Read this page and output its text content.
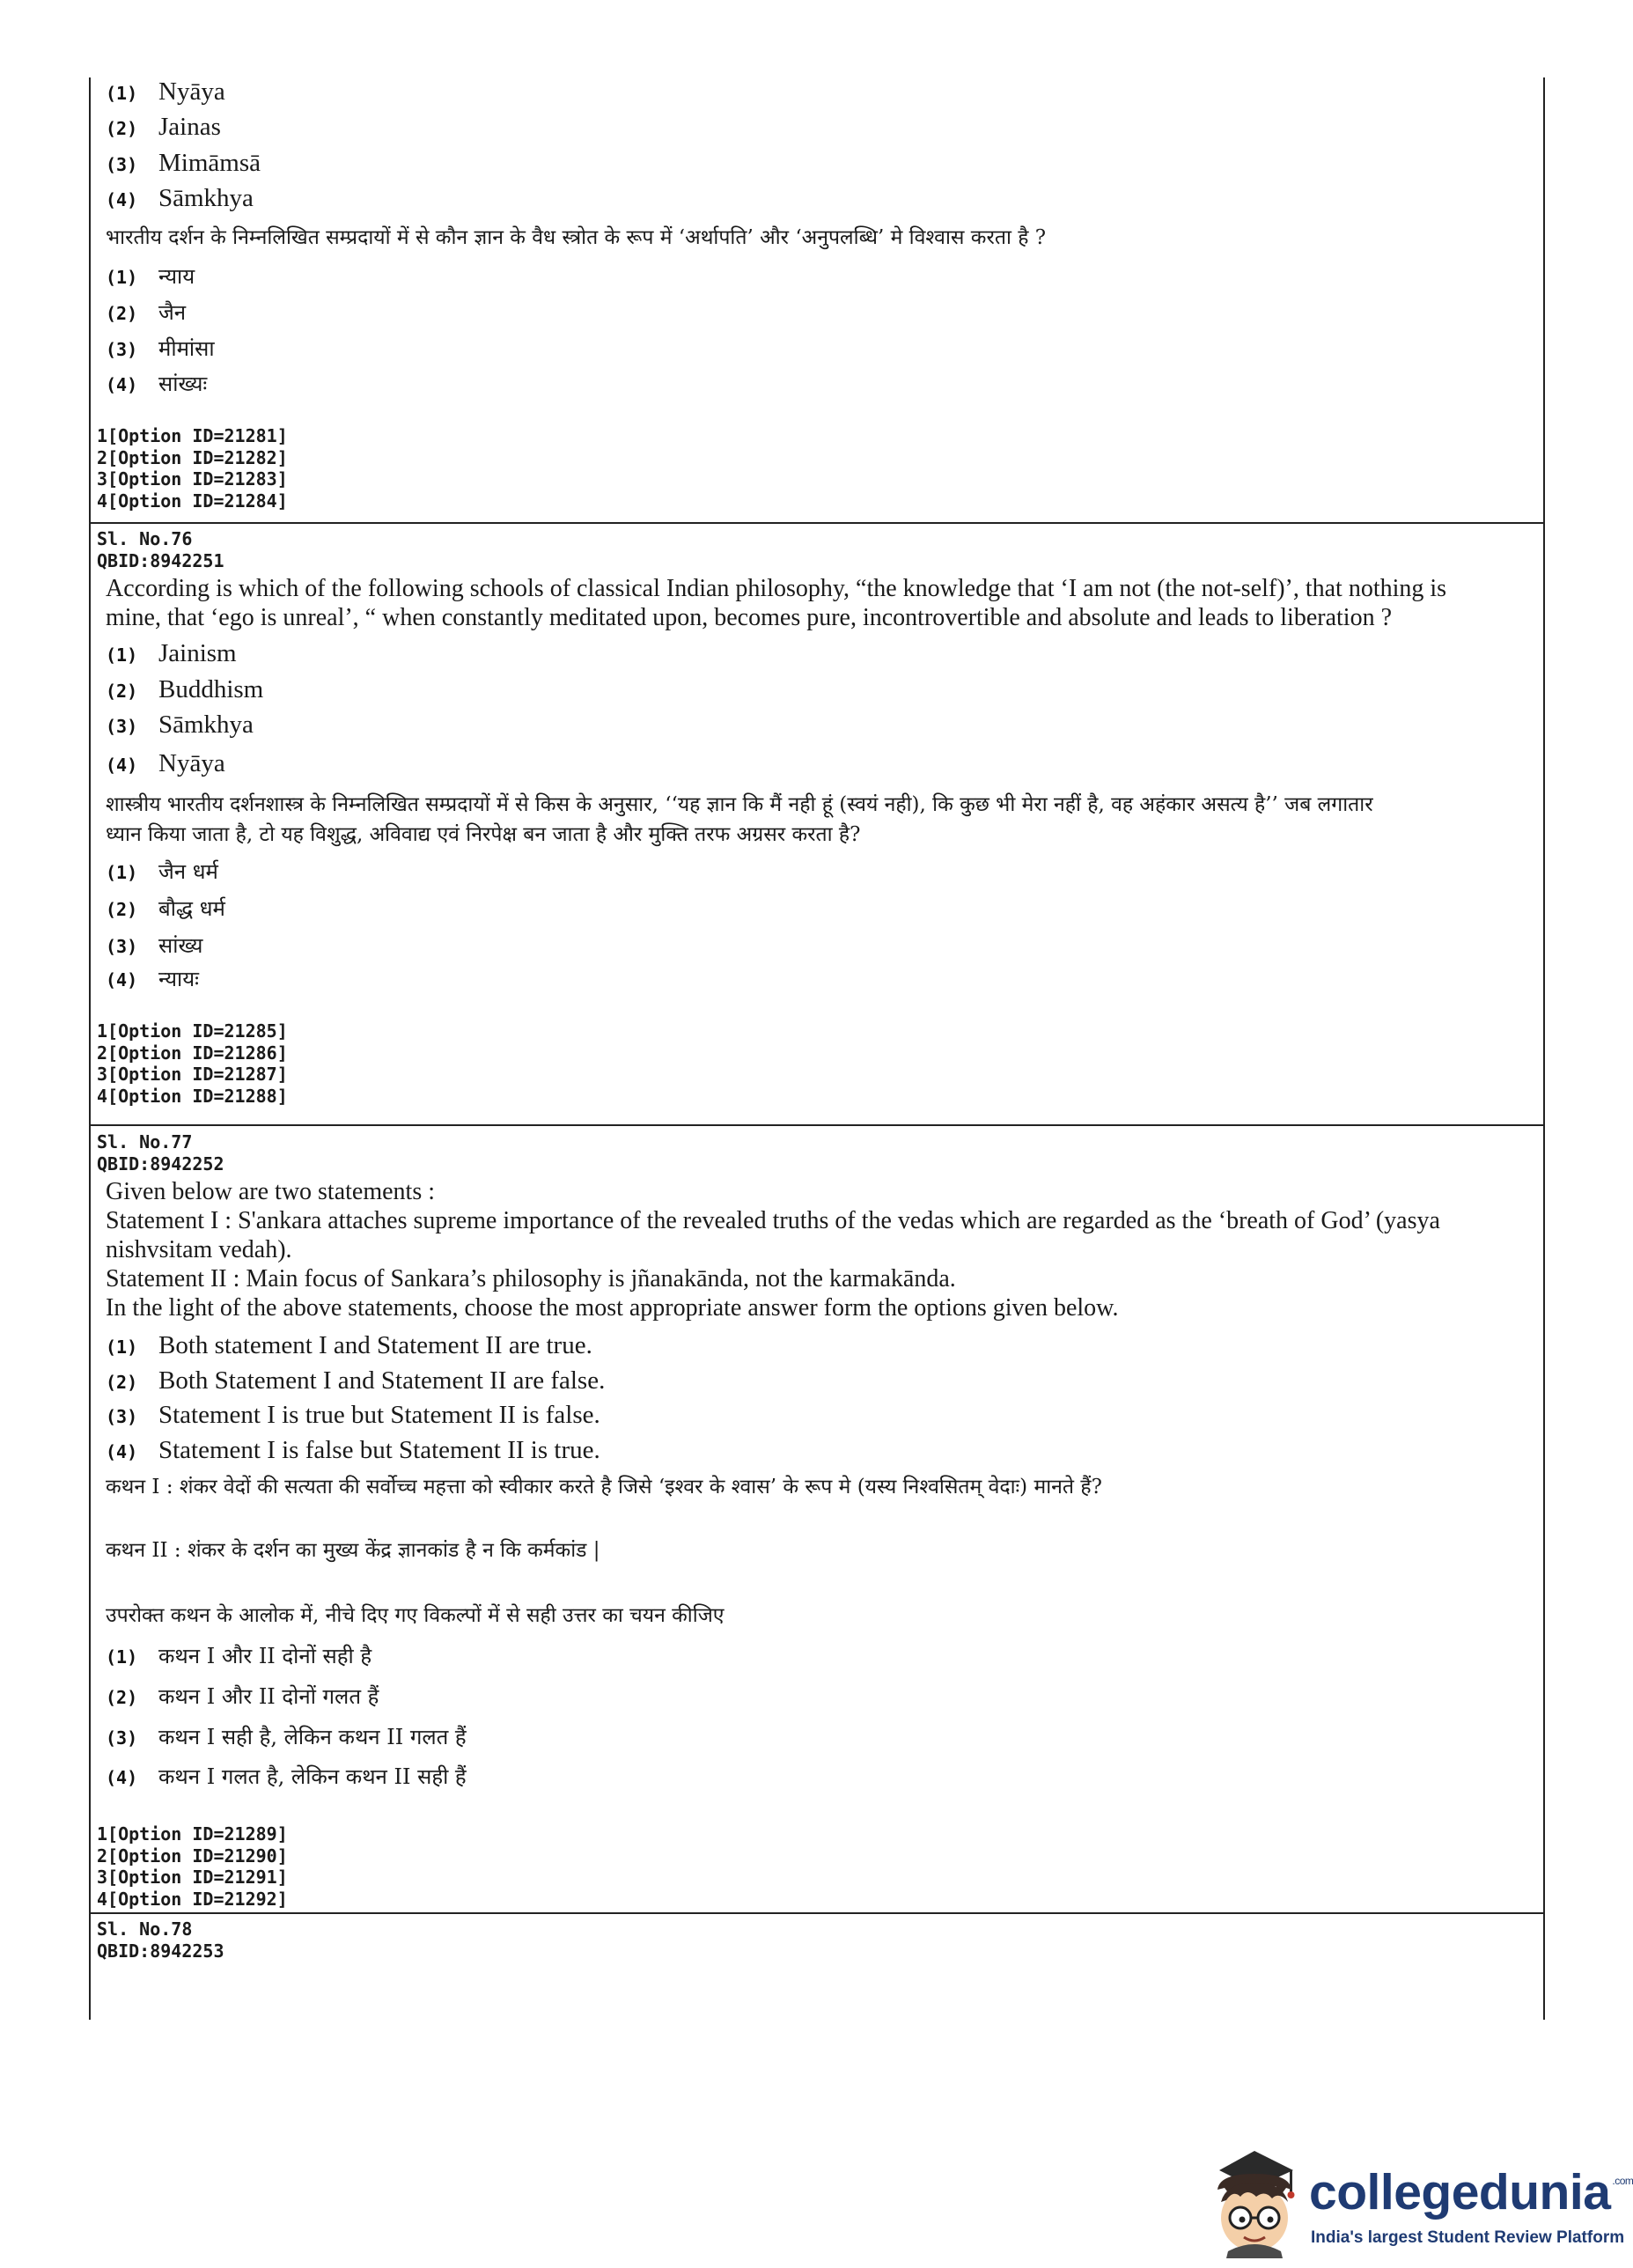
(1) Nyāya
(2) Jainas
(3) Mimāmsā
(4) Sāmkhya
भारतीय दर्शन के निम्नलिखित सम्प्रदायों में से कौन ज्ञान के वैध स्त्रोत के रूप में ‘अर्थापति’ और ‘अनुपलब्धि’ मे विश्वास करता है ?
(1) न्याय
(2) जैन
(3) मीमांसा
(4) सांख्यः
1[Option ID=21281]
2[Option ID=21282]
3[Option ID=21283]
4[Option ID=21284]
Sl. No.76
QBID:8942251
According is which of the following schools of classical Indian philosophy, “the knowledge that ‘I am not (the not-self)’, that nothing is
mine, that ‘ego is unreal’, “ when constantly meditated upon, becomes pure, incontrovertible and absolute and leads to liberation ?
(1) Jainism
(2) Buddhism
(3) Sāmkhya
(4) Nyāya
शास्त्रीय भारतीय दर्शनशास्त्र के निम्नलिखित सम्प्रदायों में से किस के अनुसार, ‘‘यह ज्ञान कि मैं नही हूं (स्वयं नही), कि कुछ भी मेरा नहीं है, वह अहंकार असत्य है’’ जब लगातार
ध्यान किया जाता है, टो यह विशुद्ध, अविवाद्य एवं निरपेक्ष बन जाता है और मुक्ति तरफ अग्रसर करता है?
(1) जैन धर्म
(2) बौद्ध धर्म
(3) सांख्य
(4) न्यायः
1[Option ID=21285]
2[Option ID=21286]
3[Option ID=21287]
4[Option ID=21288]
Sl. No.77
QBID:8942252
Given below are two statements :
Statement I : S'ankara attaches supreme importance of the revealed truths of the vedas which are regarded as the ‘breath of God’ (yasya
nishvsitam vedah).
Statement II : Main focus of Sankara’s philosophy is jñanakānda, not the karmakānda.
In the light of the above statements, choose the most appropriate answer form the options given below.
(1) Both statement I and Statement II are true.
(2) Both Statement I and Statement II are false.
(3) Statement I is true but Statement II is false.
(4) Statement I is false but Statement II is true.
कथन I : शंकर वेदों की सत्यता की सर्वोच्च महत्ता को स्वीकार करते है जिसे ‘इश्वर के श्वास’ के रूप मे (यस्य निश्वसितम् वेदाः) मानते हैं?
कथन II : शंकर के दर्शन का मुख्य केंद्र ज्ञानकांड है न कि कर्मकांड |
उपरोक्त कथन के आलोक में, नीचे दिए गए विकल्पों में से सही उत्तर का चयन कीजिए
(1) कथन I और II दोनों सही है
(2) कथन I और II दोनों गलत हैं
(3) कथन I सही है, लेकिन कथन II गलत हैं
(4) कथन I गलत है, लेकिन कथन II सही हैं
1[Option ID=21289]
2[Option ID=21290]
3[Option ID=21291]
4[Option ID=21292]
Sl. No.78
QBID:8942253
collegedunia $^{.com}$
India's largest Student Review Platform
